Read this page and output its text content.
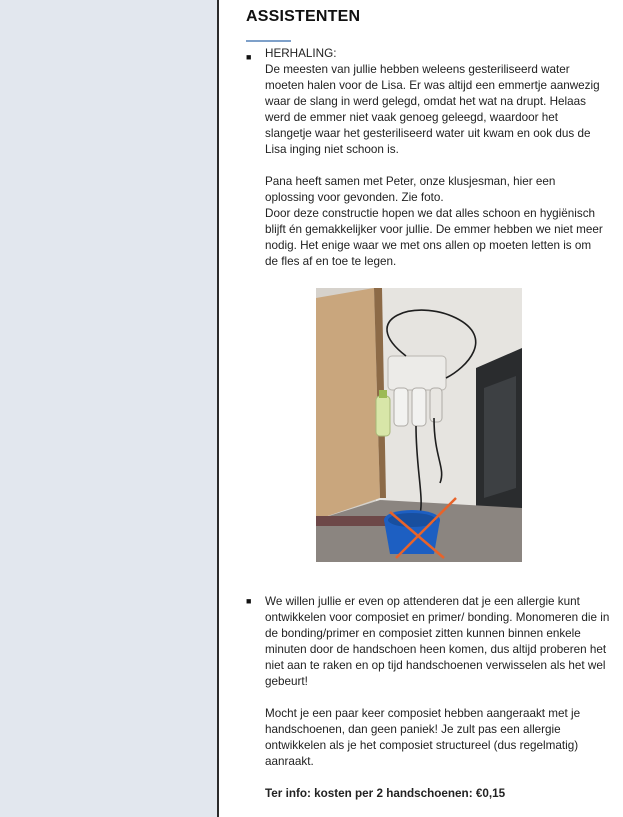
ASSISTENTEN
■ HERHALING:

De meesten van jullie hebben weleens gesteriliseerd water moeten halen voor de Lisa. Er was altijd een emmertje aanwezig waar de slang in werd gelegd, omdat het wat na drupt. Helaas werd de emmer niet vaak genoeg geleegd, waardoor het slangetje waar het gesteriliseerd water uit kwam en ook dus de Lisa inging niet schoon is.

Pana heeft samen met Peter, onze klusjesman, hier een oplossing voor gevonden. Zie foto.

Door deze constructie hopen we dat alles schoon en hygiënisch blijft én gemakkelijker voor jullie. De emmer hebben we niet meer nodig. Het enige waar we met ons allen op moeten letten is om de fles af en toe te legen.

■ We willen jullie er even op attenderen dat je een allergie kunt ontwikkelen voor composiet en primer/ bonding. Monomeren die in de bonding/primer en composiet zitten kunnen binnen enkele minuten door de handschoen heen komen, dus altijd proberen het niet aan te raken en op tijd handschoenen verwisselen als het wel gebeurt!

Mocht je een paar keer composiet hebben aangeraakt met je handschoenen, dan geen paniek! Je zult pas een allergie ontwikkelen als je het composiet structureel (dus regelmatig) aanraakt.

Ter info: kosten per 2 handschoenen: €0,15
